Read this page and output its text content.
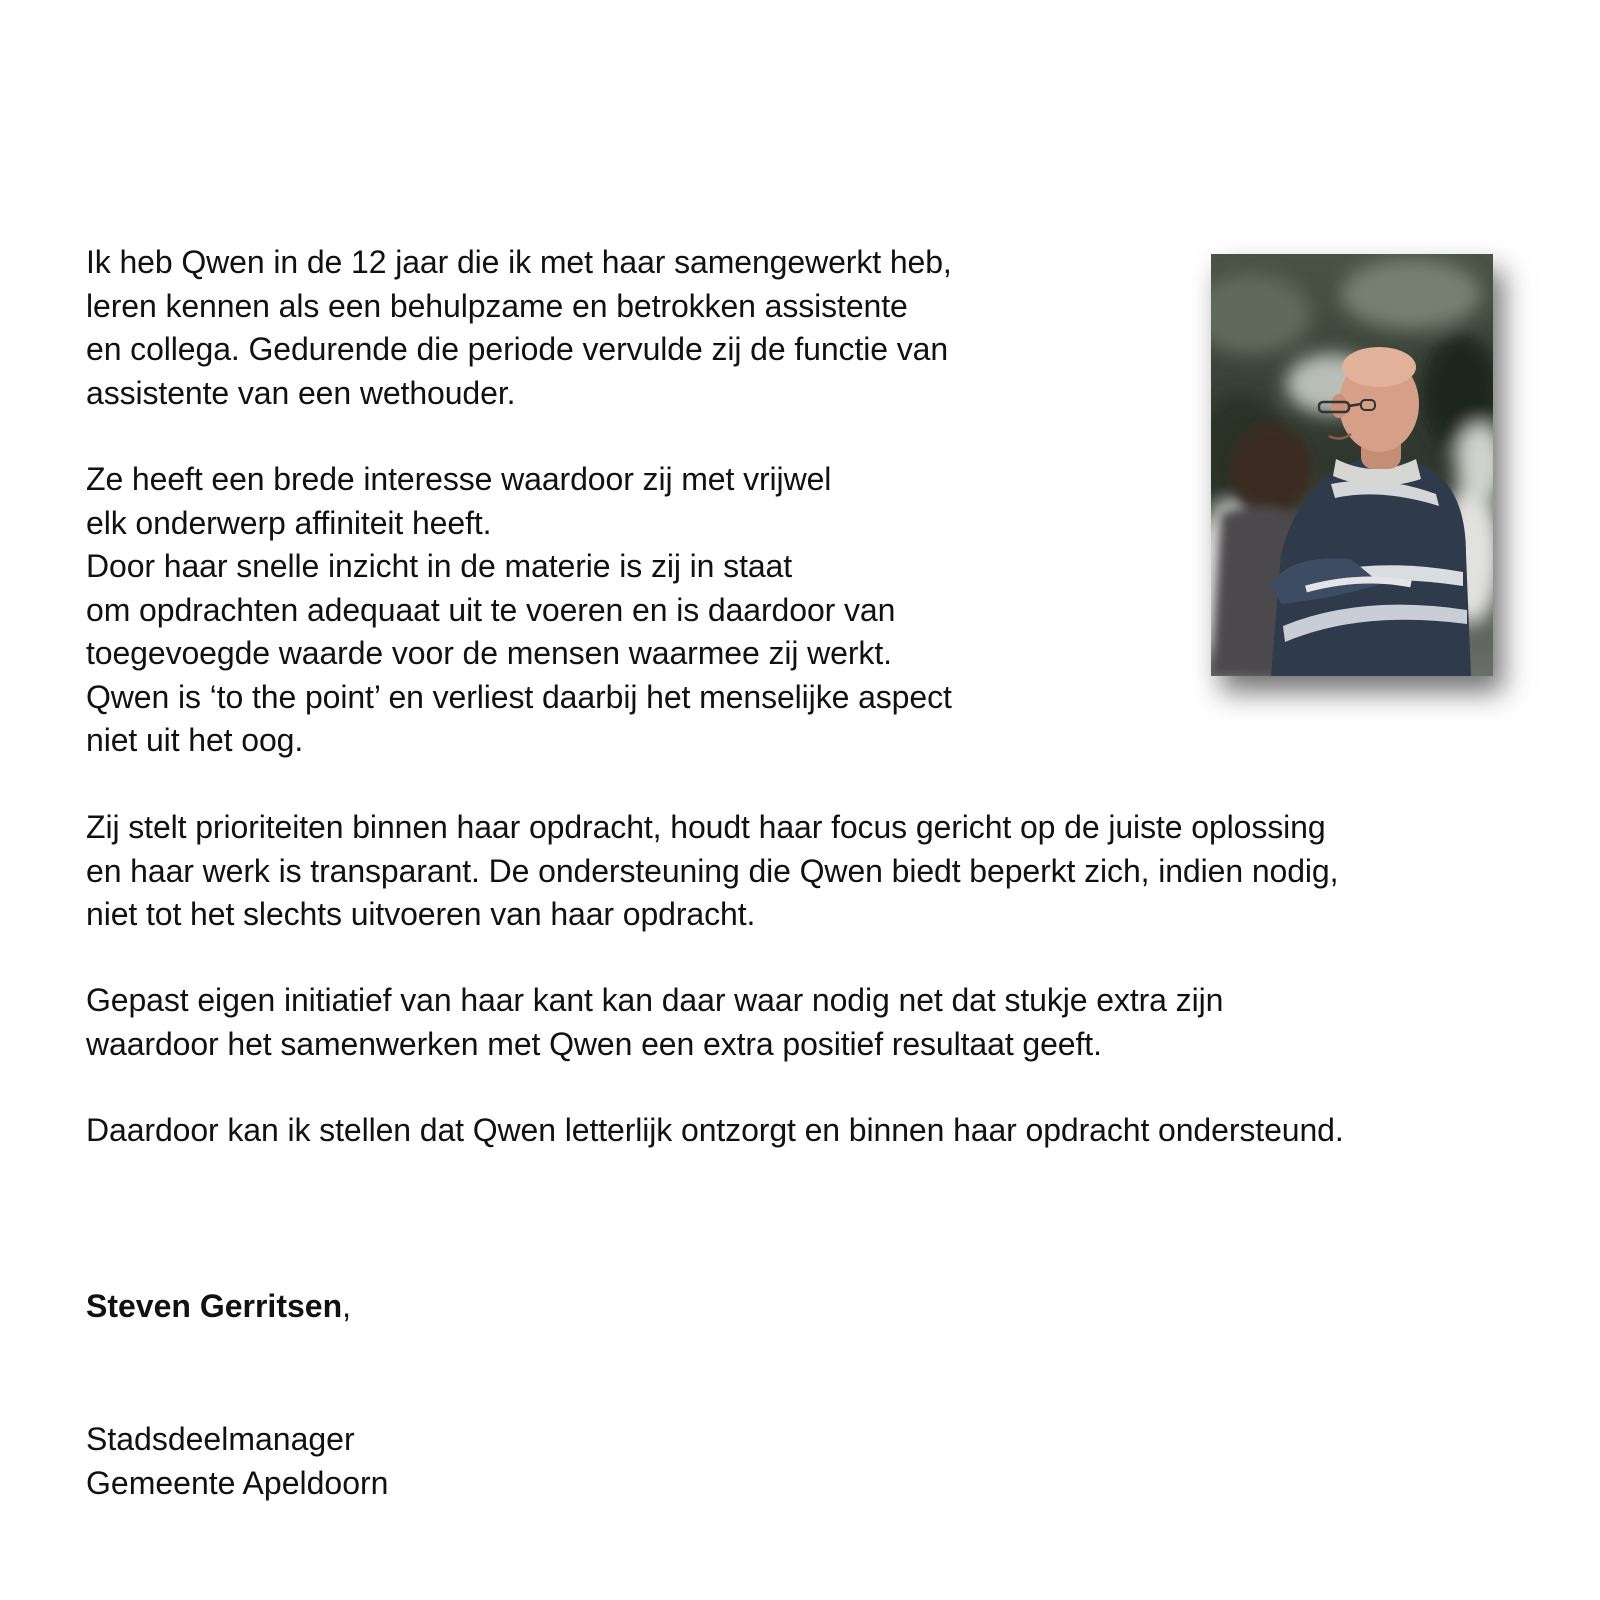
Ik heb Qwen in de 12 jaar die ik met haar samengewerkt heb,
leren kennen als een behulpzame en betrokken assistente
en collega. Gedurende die periode vervulde zij de functie van
assistente van een wethouder.
Ze heeft een brede interesse waardoor zij met vrijwel
elk onderwerp affiniteit heeft.
Door haar snelle inzicht in de materie is zij in staat
om opdrachten adequaat uit te voeren en is daardoor van
toegevoegde waarde voor de mensen waarmee zij werkt.
Qwen is ‘to the point’ en verliest daarbij het menselijke aspect
niet uit het oog.
Zij stelt prioriteiten binnen haar opdracht, houdt haar focus gericht op de juiste oplossing
en haar werk is transparant. De ondersteuning die Qwen biedt beperkt zich, indien nodig,
niet tot het slechts uitvoeren van haar opdracht.
Gepast eigen initiatief van haar kant kan daar waar nodig net dat stukje extra zijn
waardoor het samenwerken met Qwen een extra positief resultaat geeft.
Daardoor kan ik stellen dat Qwen letterlijk ontzorgt en binnen haar opdracht ondersteund.
Steven Gerritsen,
Stadsdeelmanager
Gemeente Apeldoorn
